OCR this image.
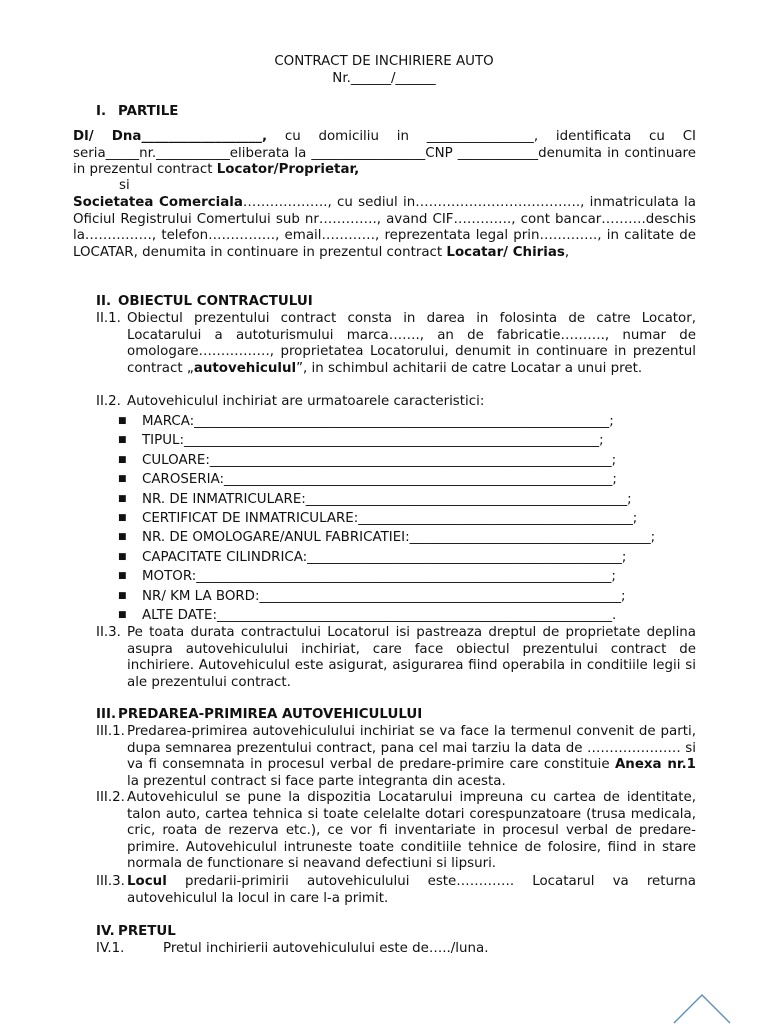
CONTRACT DE INCHIRIERE AUTO
Nr.______/______
I. PARTILE
Dl/ Dna__________________, cu domiciliu in ________________, identificata cu CI seria_____nr.___________eliberata la _________________CNP ____________denumita in continuare in prezentul contract Locator/Proprietar,
si
Societatea Comerciala………………., cu sediul in………………………………., inmatriculata la Oficiul Registrului Comertului sub nr…………., avand CIF…………., cont bancar……….deschis la……………, telefon……………, email…………, reprezentata legal prin…………., in calitate de LOCATAR, denumita in continuare in prezentul contract Locatar/ Chirias,
II. OBIECTUL CONTRACTULUI
II.1. Obiectul prezentului contract consta in darea in folosinta de catre Locator, Locatarului a autoturismului marca……., an de fabricatie………., numar de omologare……………., proprietatea Locatorului, denumit in continuare in prezentul contract „autovehiculul”, in schimbul achitarii de catre Locatar a unui pret.
II.2. Autovehiculul inchiriat are urmatoarele caracteristici:
■ MARCA:______________________________________________________________;
■ TIPUL:______________________________________________________________;
■ CULOARE:____________________________________________________________;
■ CAROSERIA:__________________________________________________________;
■ NR. DE INMATRICULARE:________________________________________________;
■ CERTIFICAT DE INMATRICULARE:_________________________________________;
■ NR. DE OMOLOGARE/ANUL FABRICATIEI:____________________________________;
■ CAPACITATE CILINDRICA:_______________________________________________;
■ MOTOR:______________________________________________________________;
■ NR/ KM LA BORD:______________________________________________________;
■ ALTE DATE:___________________________________________________________.
II.3. Pe toata durata contractului Locatorul isi pastreaza dreptul de proprietate deplina asupra autovehiculului inchiriat, care face obiectul prezentului contract de inchiriere. Autovehiculul este asigurat, asigurarea fiind operabila in conditiile legii si ale prezentului contract.
III. PREDAREA-PRIMIREA AUTOVEHICULULUI
III.1. Predarea-primirea autovehiculului inchiriat se va face la termenul convenit de parti, dupa semnarea prezentului contract, pana cel mai tarziu la data de ………………… si va fi consemnata in procesul verbal de predare-primire care constituie Anexa nr.1 la prezentul contract si face parte integranta din acesta.
III.2. Autovehiculul se pune la dispozitia Locatarului impreuna cu cartea de identitate, talon auto, cartea tehnica si toate celelalte dotari corespunzatoare (trusa medicala, cric, roata de rezerva etc.), ce vor fi inventariate in procesul verbal de predare-primire. Autovehiculul intruneste toate conditiile tehnice de folosire, fiind in stare normala de functionare si neavand defectiuni si lipsuri.
III.3. Locul predarii-primirii autovehiculului este…………. Locatarul va returna autovehiculul la locul in care l-a primit.
IV. PRETUL
IV.1.	Pretul inchirierii autovehiculului este de…../luna.
